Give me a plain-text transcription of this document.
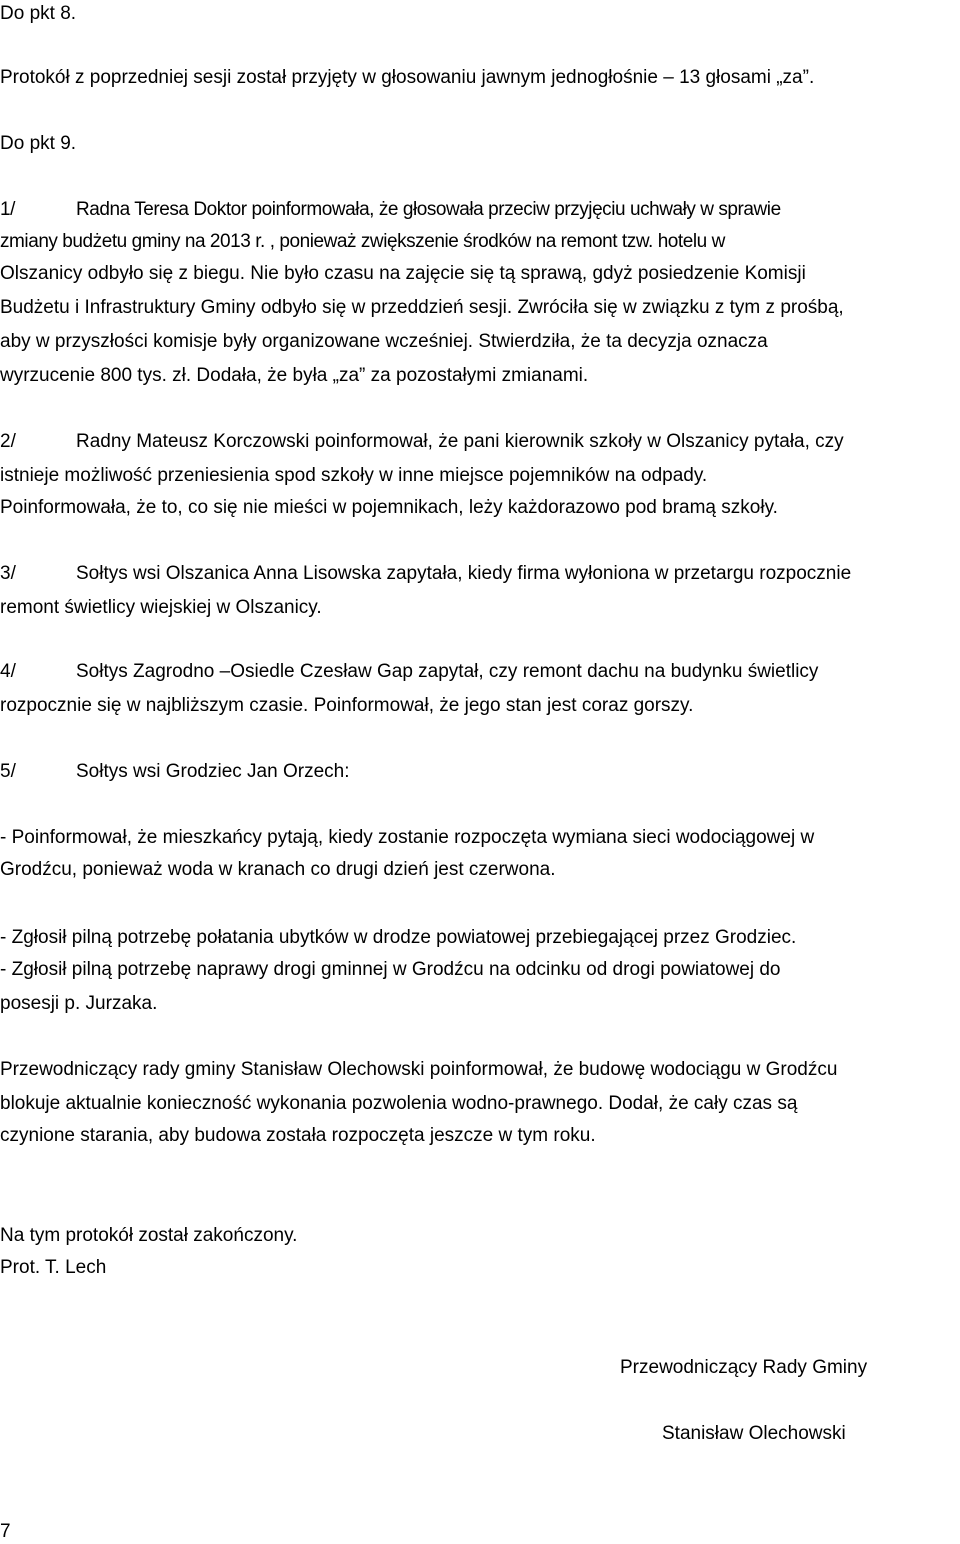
Do pkt 8.

Protokół z poprzedniej sesji został przyjęty w głosowaniu jawnym jednogłośnie – 13 głosami „za”.

Do pkt 9.

1/	Radna Teresa Doktor poinformowała, że głosowała przeciw przyjęciu uchwały w sprawie

zmiany budżetu gminy na 2013 r. , ponieważ zwiększenie środków na remont tzw. hotelu w

Olszanicy odbyło się z biegu. Nie było czasu na zajęcie się tą sprawą, gdyż posiedzenie Komisji

Budżetu i Infrastruktury Gminy odbyło się w przeddzień sesji. Zwróciła się w związku z tym z prośbą,

aby w przyszłości komisje były organizowane wcześniej. Stwierdziła, że ta decyzja oznacza

wyrzucenie 800 tys. zł. Dodała, że była „za” za pozostałymi zmianami.

2/	Radny Mateusz Korczowski poinformował, że pani kierownik szkoły w Olszanicy pytała, czy

istnieje możliwość przeniesienia spod szkoły w inne miejsce pojemników na odpady.

Poinformowała, że to, co się nie mieści w pojemnikach, leży każdorazowo pod bramą szkoły.

3/	Sołtys wsi Olszanica Anna Lisowska zapytała, kiedy firma wyłoniona w przetargu rozpocznie

remont świetlicy wiejskiej w Olszanicy.

4/	Sołtys Zagrodno –Osiedle Czesław Gap zapytał, czy remont dachu na budynku świetlicy

rozpocznie się w najbliższym czasie. Poinformował, że jego stan jest coraz gorszy.

5/	Sołtys wsi Grodziec Jan Orzech:

- Poinformował, że mieszkańcy pytają, kiedy zostanie rozpoczęta wymiana sieci wodociągowej w

Grodźcu, ponieważ woda w kranach co drugi dzień jest czerwona.

- Zgłosił pilną potrzebę połatania ubytków w drodze powiatowej przebiegającej przez Grodziec.

- Zgłosił pilną potrzebę naprawy drogi gminnej w Grodźcu na odcinku od drogi powiatowej do

posesji p. Jurzaka.

Przewodniczący rady gminy Stanisław Olechowski poinformował, że budowę wodociągu w Grodźcu

blokuje aktualnie konieczność wykonania pozwolenia wodno-prawnego. Dodał, że cały czas są

czynione starania, aby budowa została rozpoczęta jeszcze w tym roku.

Na tym protokół został zakończony.

Prot. T. Lech

Przewodniczący Rady Gminy

Stanisław Olechowski

7
